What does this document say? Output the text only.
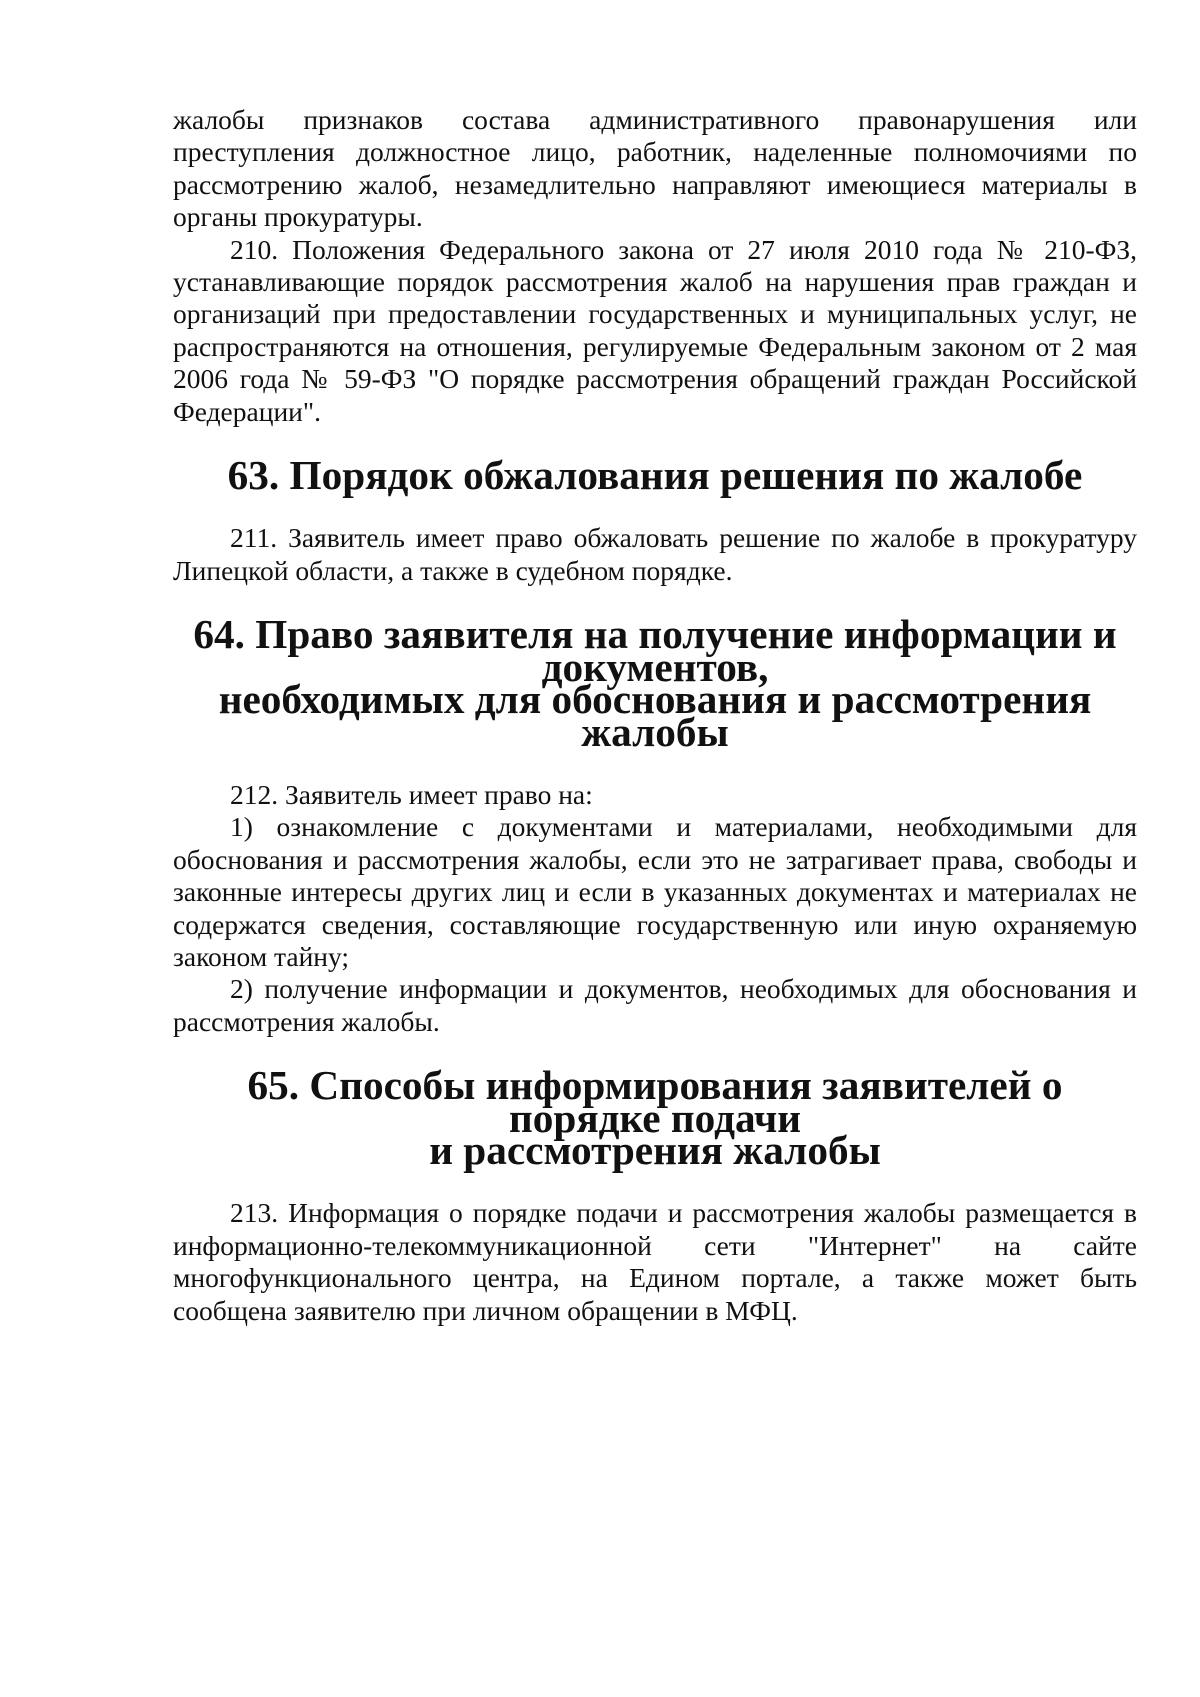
жалобы признаков состава административного правонарушения или преступления должностное лицо, работник, наделенные полномочиями по рассмотрению жалоб, незамедлительно направляют имеющиеся материалы в органы прокуратуры.

210. Положения Федерального закона от 27 июля 2010 года № 210-ФЗ, устанавливающие порядок рассмотрения жалоб на нарушения прав граждан и организаций при предоставлении государственных и муниципальных услуг, не распространяются на отношения, регулируемые Федеральным законом от 2 мая 2006 года № 59-ФЗ "О порядке рассмотрения обращений граждан Российской Федерации".

63. Порядок обжалования решения по жалобе

211. Заявитель имеет право обжаловать решение по жалобе в прокуратуру Липецкой области, а также в судебном порядке.

64. Право заявителя на получение информации и документов,
необходимых для обоснования и рассмотрения жалобы

212. Заявитель имеет право на:

1) ознакомление с документами и материалами, необходимыми для обоснования и рассмотрения жалобы, если это не затрагивает права, свободы и законные интересы других лиц и если в указанных документах и материалах не содержатся сведения, составляющие государственную или иную охраняемую законом тайну;

2) получение информации и документов, необходимых для обоснования и рассмотрения жалобы.

65. Способы информирования заявителей о порядке подачи
и рассмотрения жалобы

213. Информация о порядке подачи и рассмотрения жалобы размещается в информационно-телекоммуникационной сети "Интернет" на сайте многофункционального центра, на Едином портале, а также может быть сообщена заявителю при личном обращении в МФЦ.
